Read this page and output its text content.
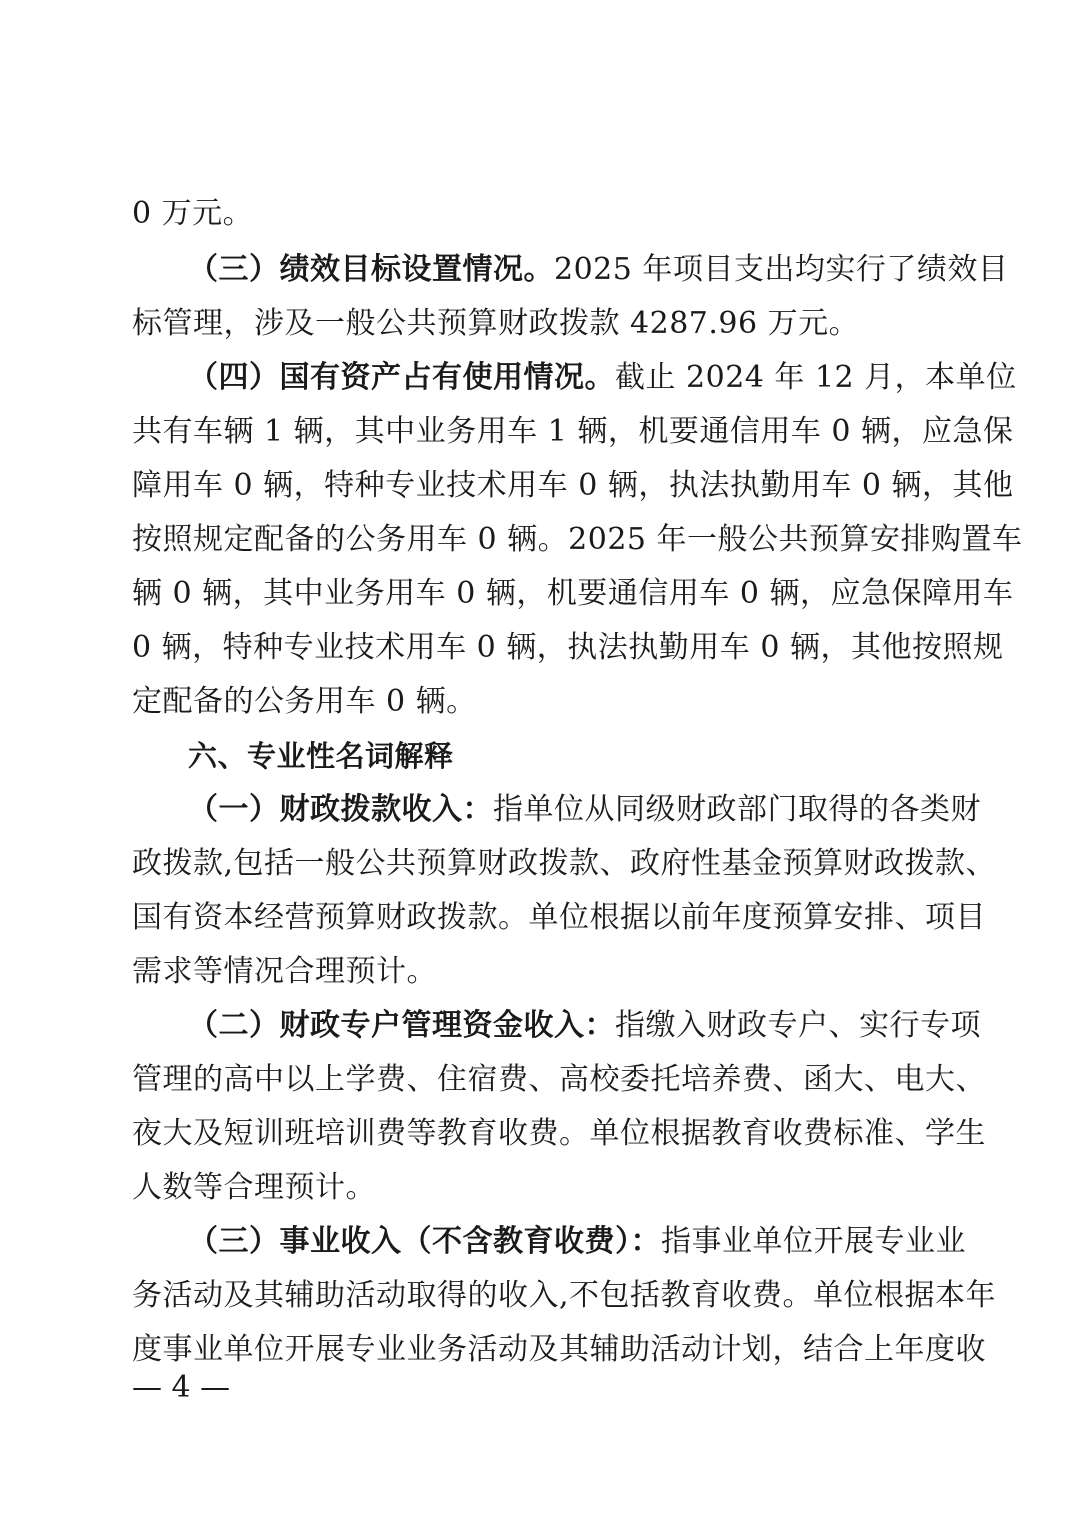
0 万元。
（三）绩效目标设置情况。2025 年项目支出均实行了绩效目
标管理，涉及一般公共预算财政拨款 4287.96 万元。
（四）国有资产占有使用情况。截止 2024 年 12 月，本单位
共有车辆 1 辆，其中业务用车 1 辆，机要通信用车 0 辆，应急保
障用车 0 辆，特种专业技术用车 0 辆，执法执勤用车 0 辆，其他
按照规定配备的公务用车 0 辆。2025 年一般公共预算安排购置车
辆 0 辆，其中业务用车 0 辆，机要通信用车 0 辆，应急保障用车
0 辆，特种专业技术用车 0 辆，执法执勤用车 0 辆，其他按照规
定配备的公务用车 0 辆。
六、专业性名词解释
（一）财政拨款收入：指单位从同级财政部门取得的各类财
政拨款,包括一般公共预算财政拨款、政府性基金预算财政拨款、
国有资本经营预算财政拨款。单位根据以前年度预算安排、项目
需求等情况合理预计。
（二）财政专户管理资金收入：指缴入财政专户、实行专项
管理的高中以上学费、住宿费、高校委托培养费、函大、电大、
夜大及短训班培训费等教育收费。单位根据教育收费标准、学生
人数等合理预计。
（三）事业收入（不含教育收费）：指事业单位开展专业业
务活动及其辅助活动取得的收入,不包括教育收费。单位根据本年
度事业单位开展专业业务活动及其辅助活动计划，结合上年度收
— 4 —
